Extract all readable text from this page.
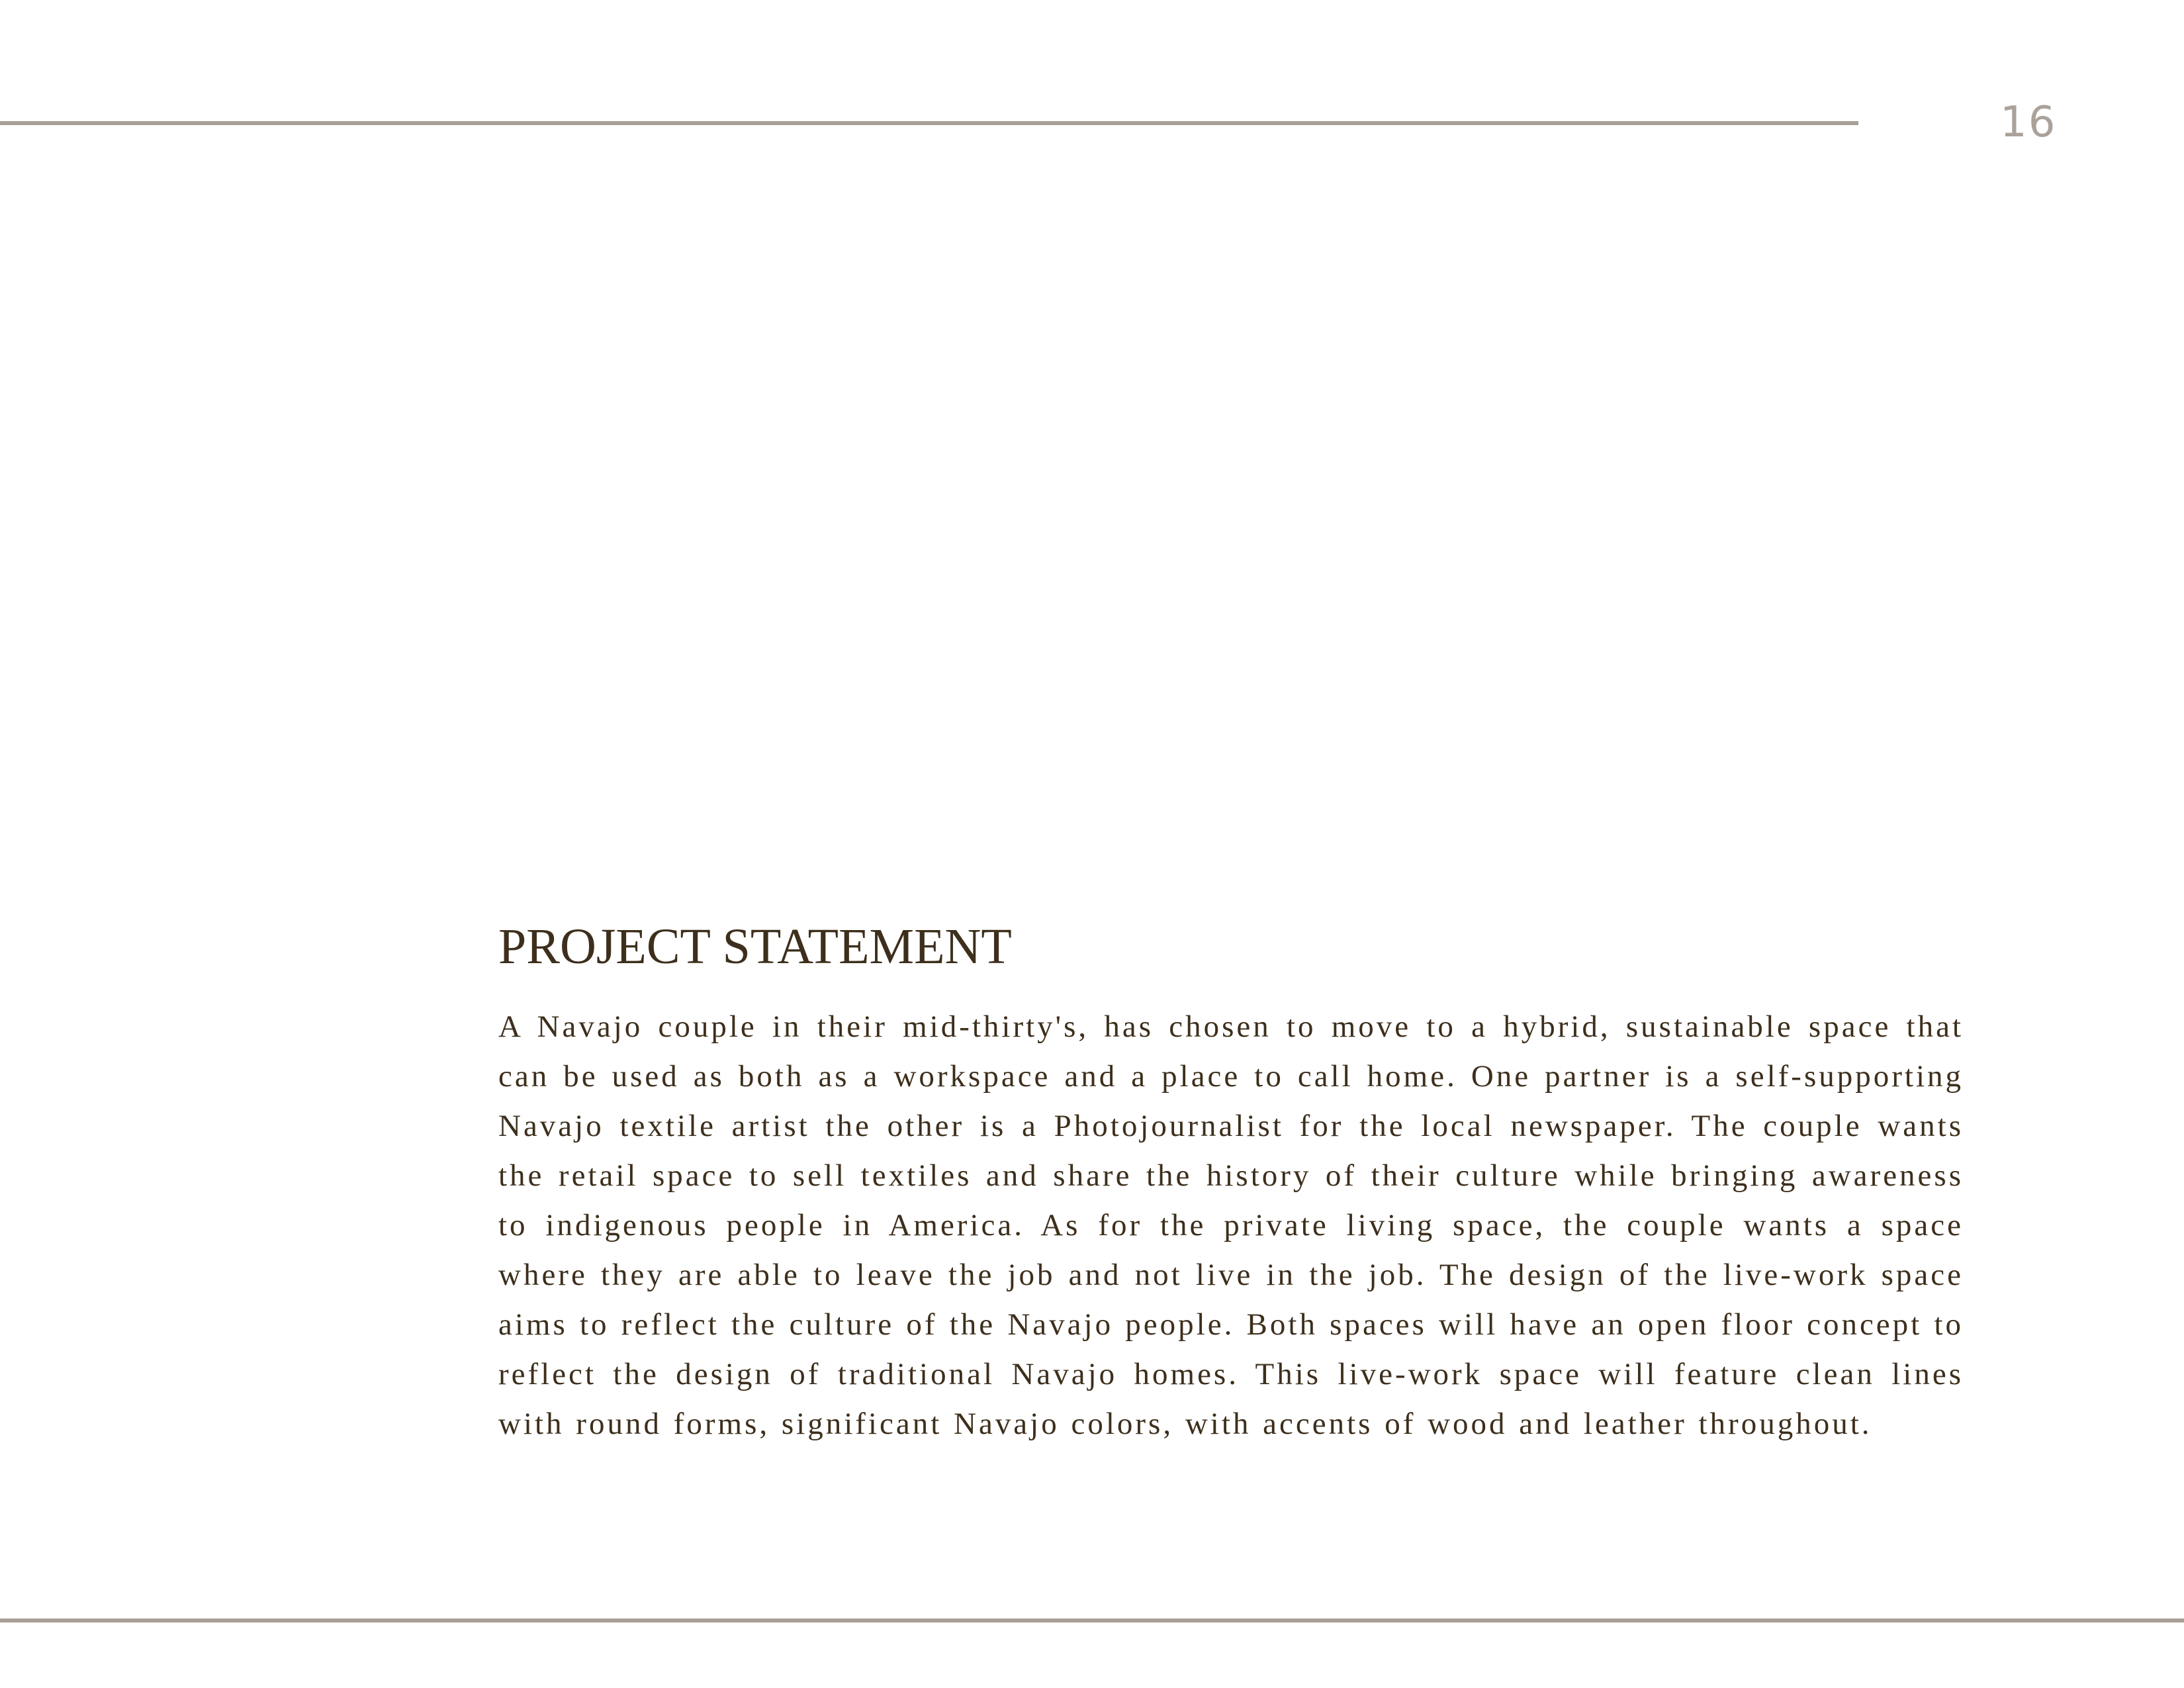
16
PROJECT STATEMENT

A Navajo couple in their mid-thirty's, has chosen to move to a hybrid, sustainable space that can be used as both as a workspace and a place to call home. One partner is a self-supporting Navajo textile artist the other is a Photojournalist for the local newspaper. The couple wants the retail space to sell textiles and share the history of their culture while bringing awareness to indigenous people in America. As for the private living space, the couple wants a space where they are able to leave the job and not live in the job. The design of the live-work space aims to reflect the culture of the Navajo people. Both spaces will have an open floor concept to reflect the design of traditional Navajo homes. This live-work space will feature clean lines with round forms, significant Navajo colors, with accents of wood and leather throughout.
